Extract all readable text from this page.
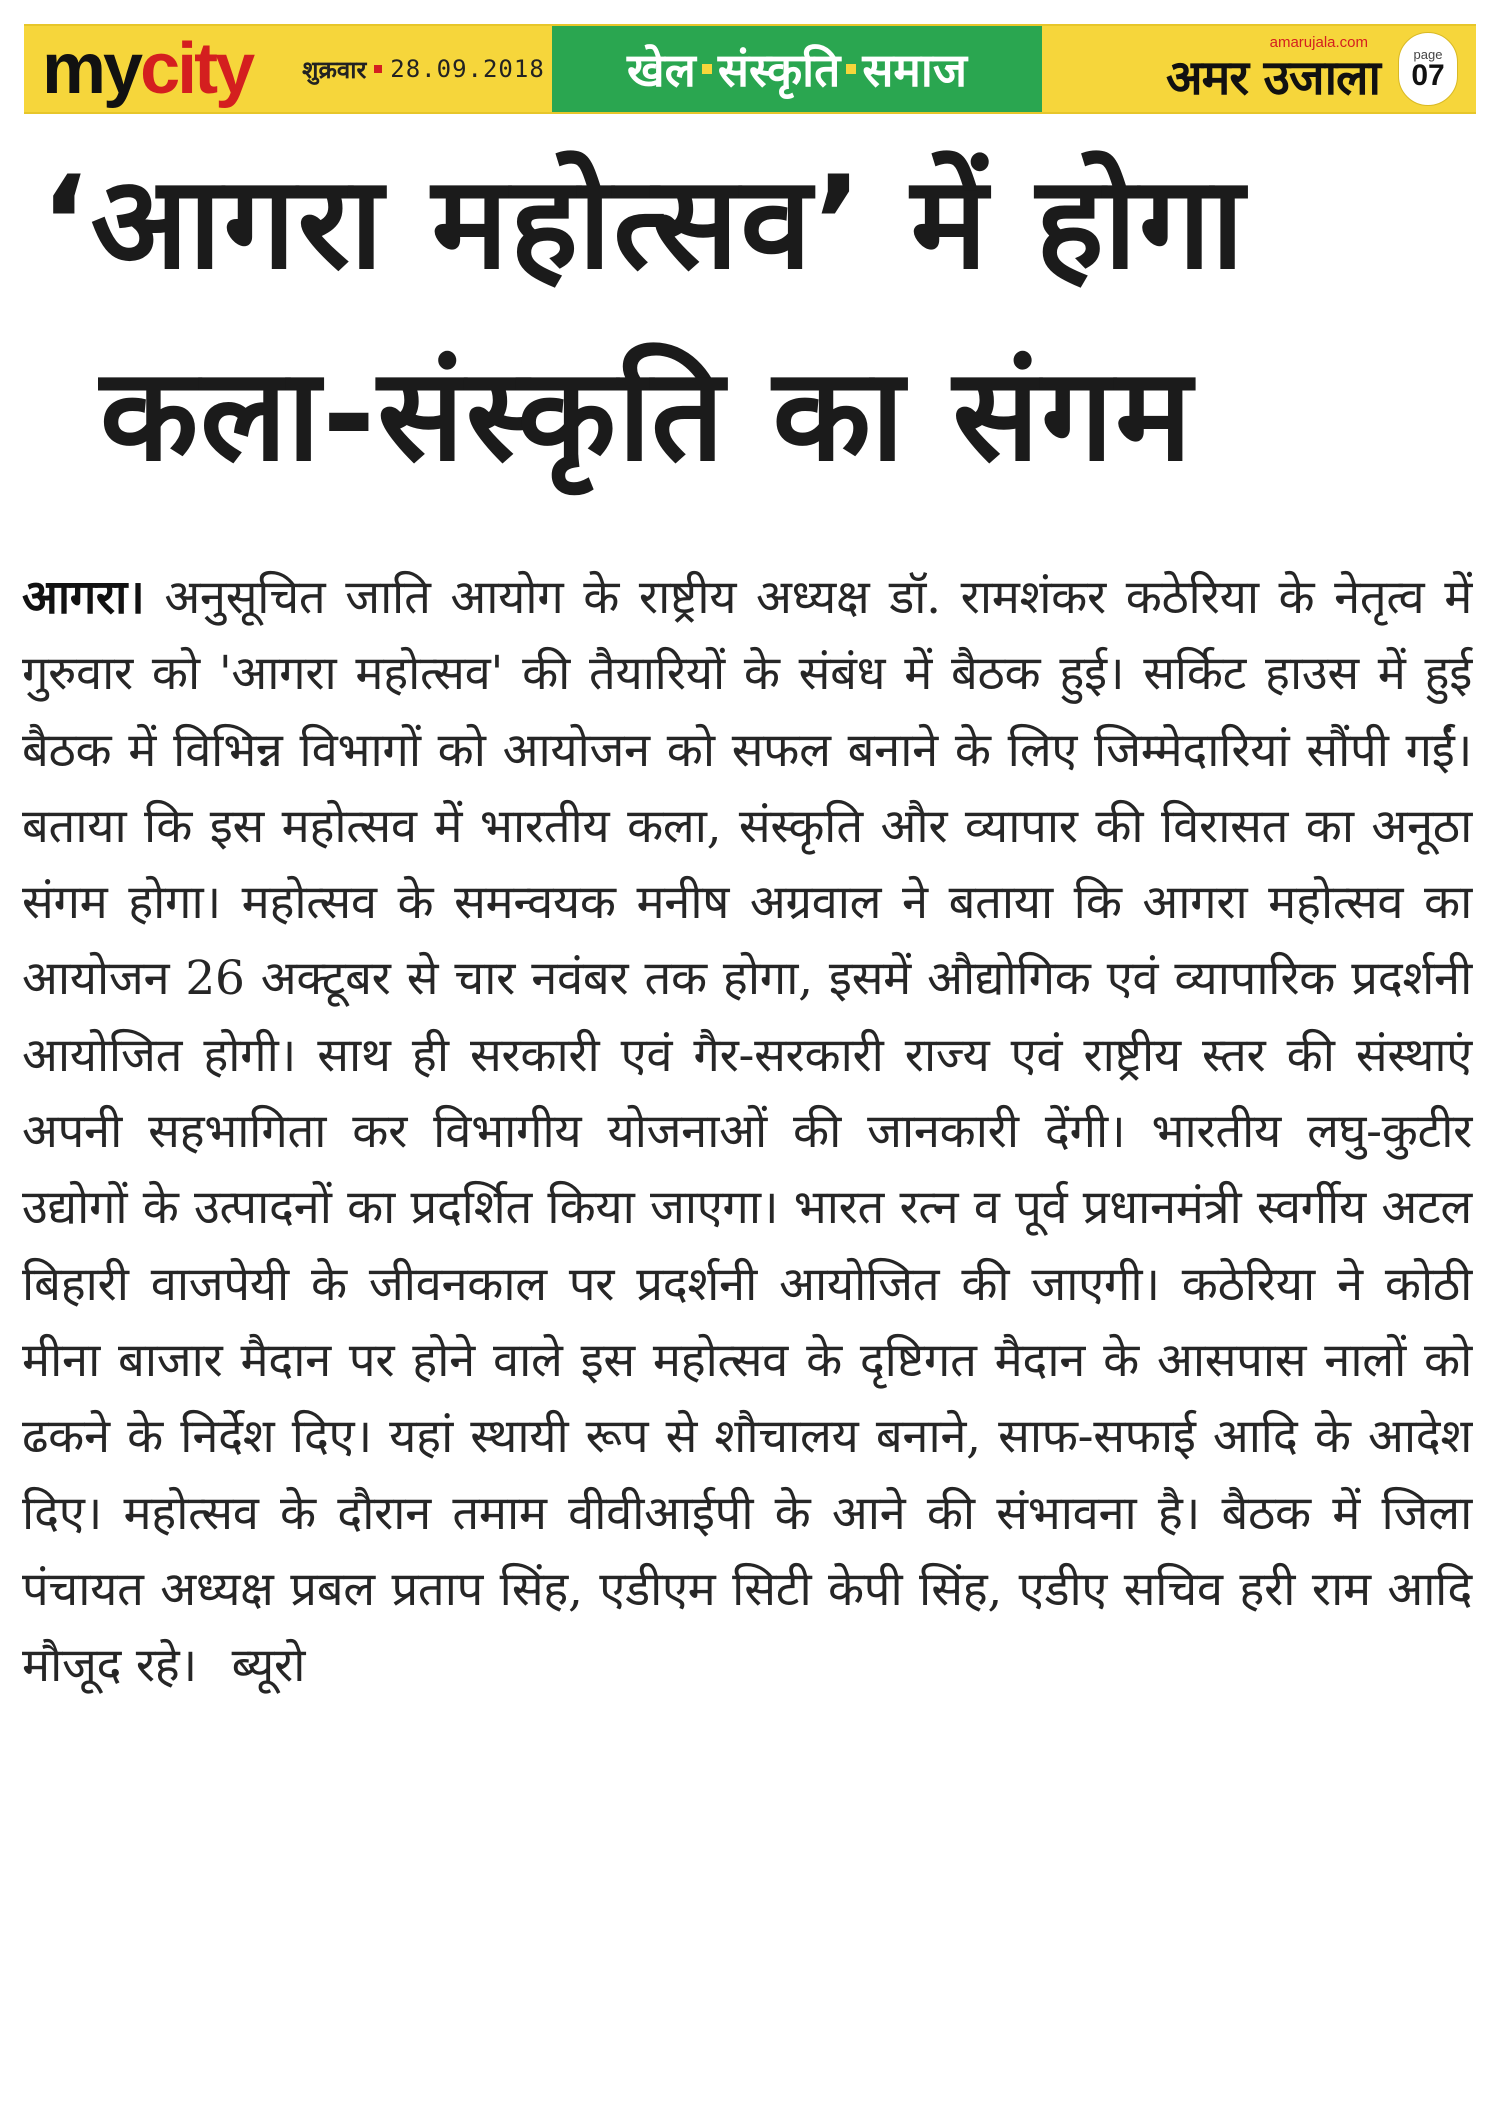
my city शुक्रवार 28.09.2018 खेल संस्कृति समाज
amarujala.com
अमर उजाला	page
07
‘आगरा महोत्सव’ में होगा
कला-संस्कृति का संगम
आगरा। अनुसूचित जाति आयोग के राष्ट्रीय अध्यक्ष डॉ. रामशंकर कठेरिया के नेतृत्व में गुरुवार को 'आगरा महोत्सव' की तैयारियों के संबंध में बैठक हुई। सर्किट हाउस में हुई बैठक में विभिन्न विभागों को आयोजन को सफल बनाने के लिए जिम्मेदारियां सौंपी गईं। बताया कि इस महोत्सव में भारतीय कला, संस्कृति और व्यापार की विरासत का अनूठा संगम होगा। महोत्सव के समन्वयक मनीष अग्रवाल ने बताया कि आगरा महोत्सव का आयोजन 26 अक्टूबर से चार नवंबर तक होगा, इसमें औद्योगिक एवं व्यापारिक प्रदर्शनी आयोजित होगी। साथ ही सरकारी एवं गैर-सरकारी राज्य एवं राष्ट्रीय स्तर की संस्थाएं अपनी सहभागिता कर विभागीय योजनाओं की जानकारी देंगी। भारतीय लघु-कुटीर उद्योगों के उत्पादनों का प्रदर्शित किया जाएगा। भारत रत्न व पूर्व प्रधानमंत्री स्वर्गीय अटल बिहारी वाजपेयी के जीवनकाल पर प्रदर्शनी आयोजित की जाएगी। कठेरिया ने कोठी मीना बाजार मैदान पर होने वाले इस महोत्सव के दृष्टिगत मैदान के आसपास नालों को ढकने के निर्देश दिए। यहां स्थायी रूप से शौचालय बनाने, साफ-सफाई आदि के आदेश दिए। महोत्सव के दौरान तमाम वीवीआईपी के आने की संभावना है। बैठक में जिला पंचायत अध्यक्ष प्रबल प्रताप सिंह, एडीएम सिटी केपी सिंह, एडीए सचिव हरी राम आदि मौजूद रहे। ब्यूरो
